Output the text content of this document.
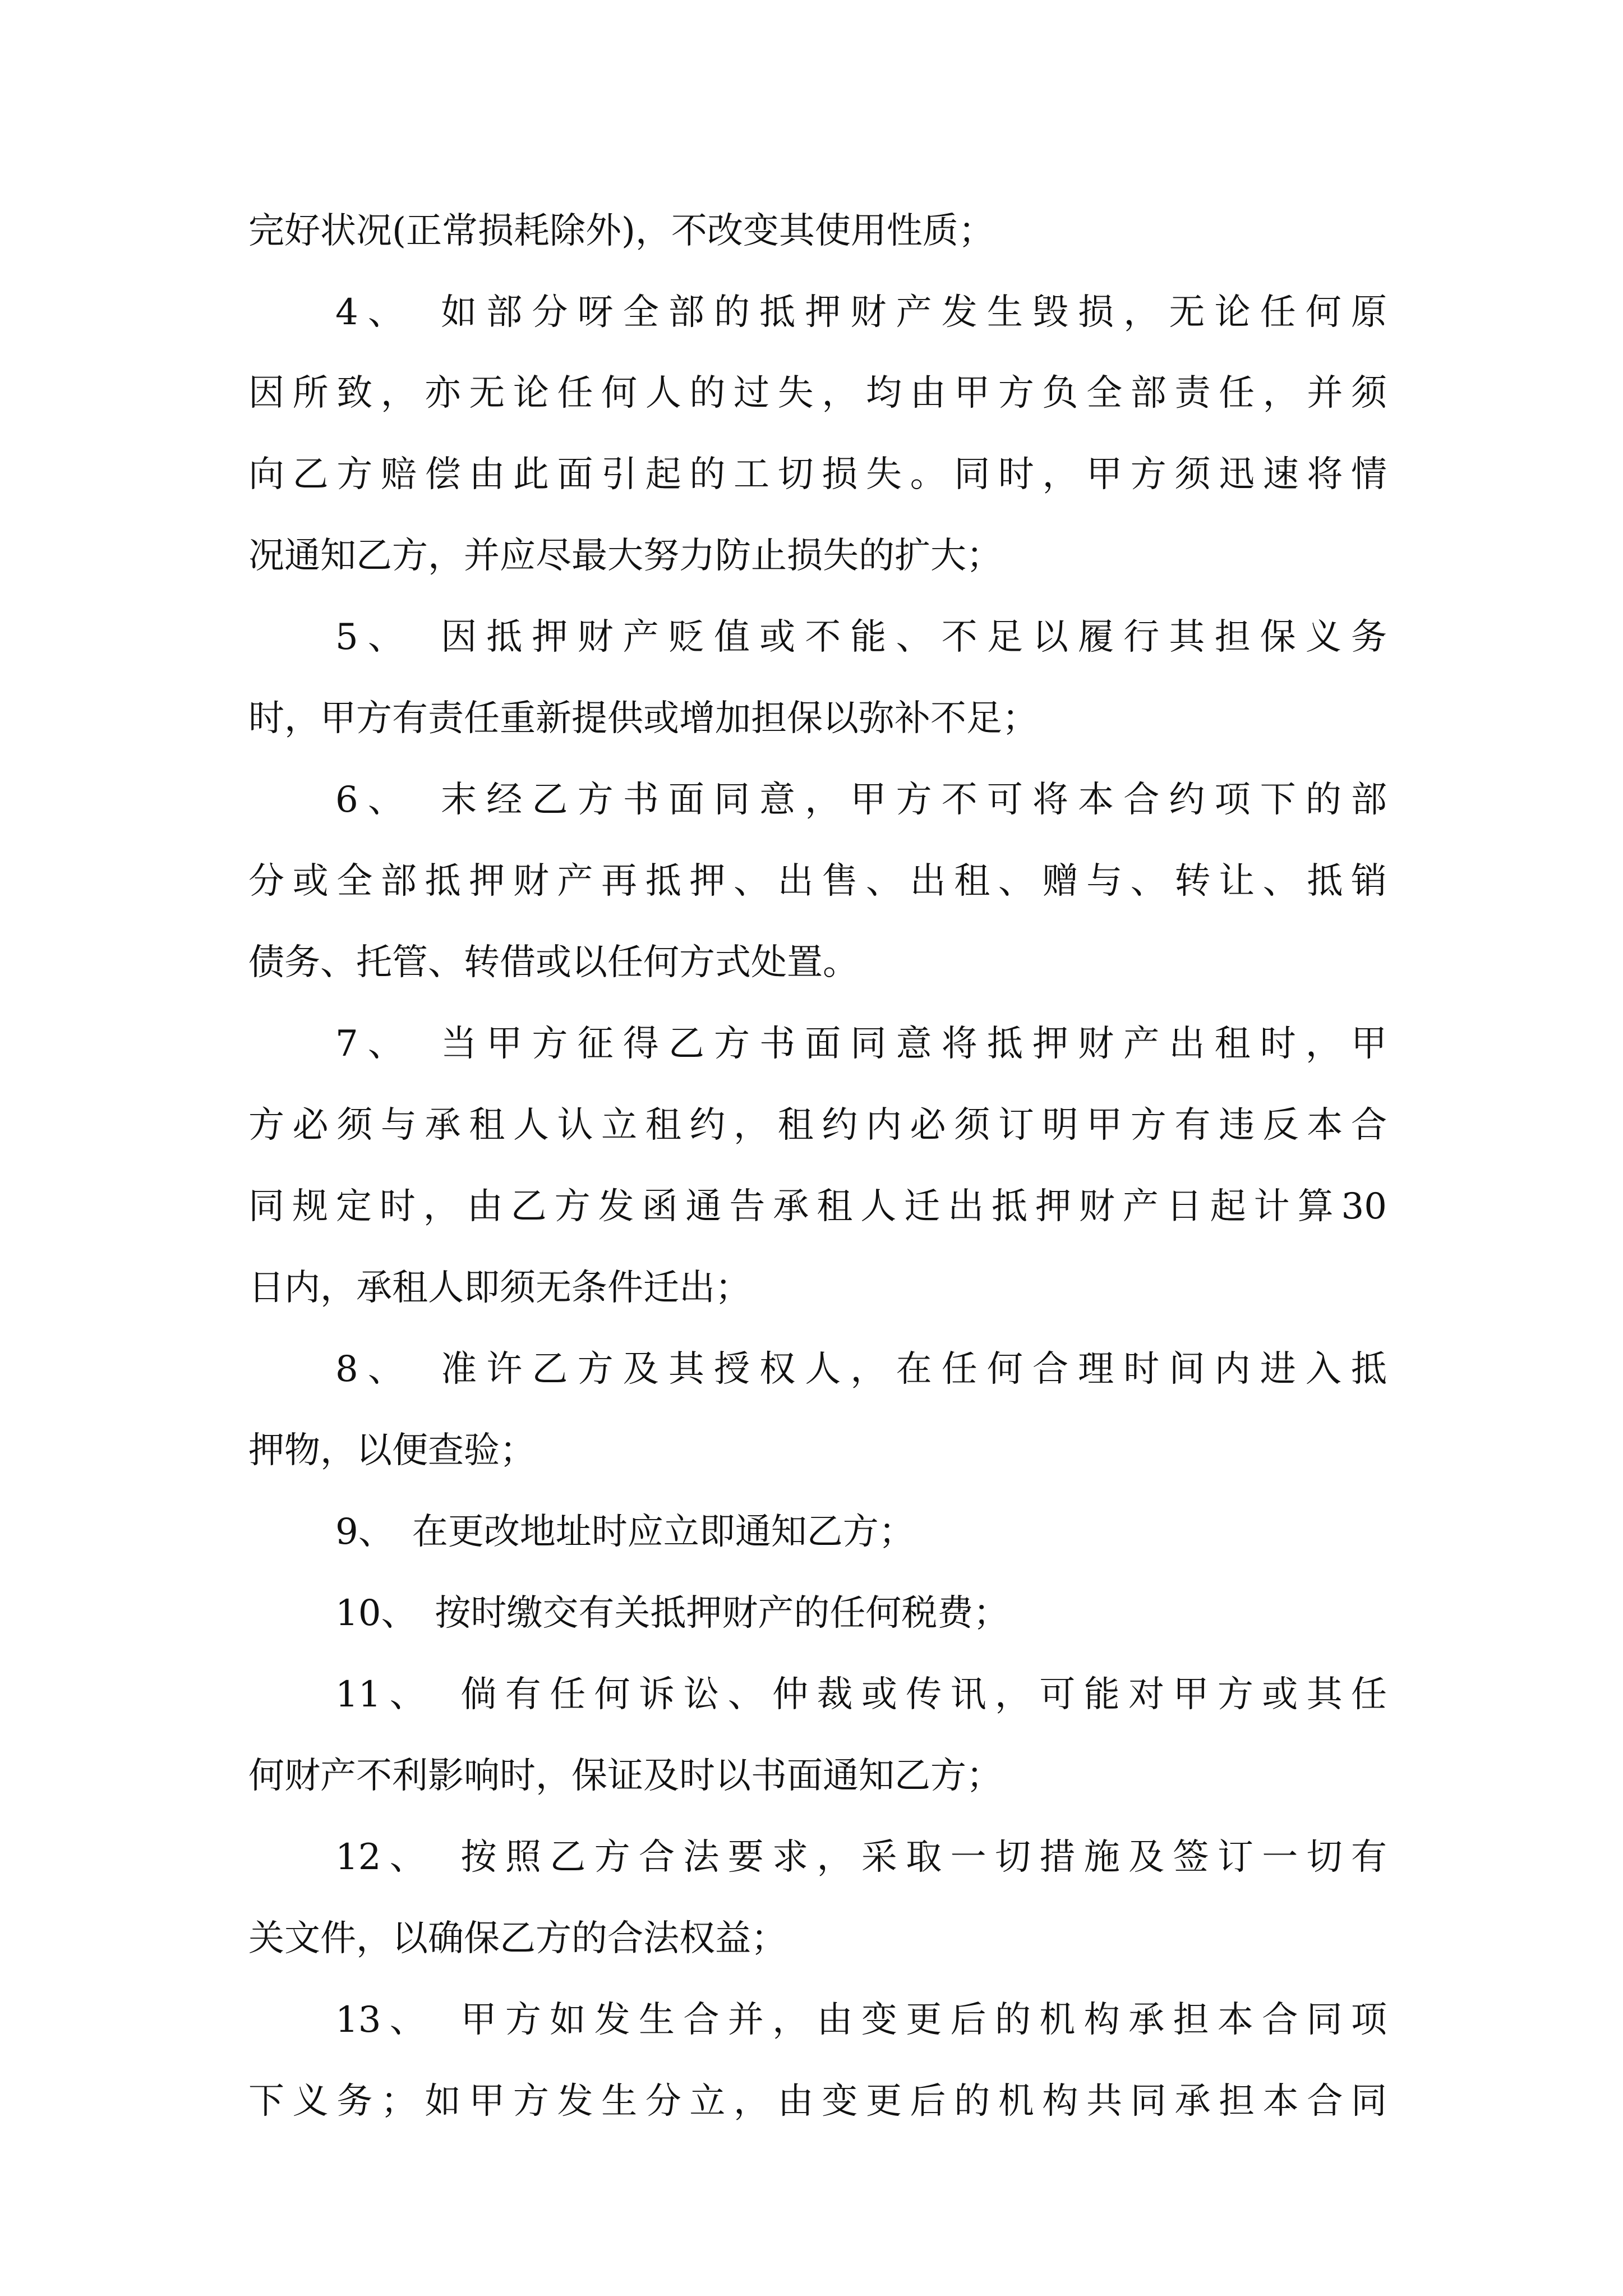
完好状况(正常损耗除外)，不改变其使用性质；
4、　如部分呀全部的抵押财产发生毁损，无论任何原
因所致，亦无论任何人的过失，均由甲方负全部责任，并须
向乙方赔偿由此面引起的工切损失。同时，甲方须迅速将情
况通知乙方，并应尽最大努力防止损失的扩大；
5、　因抵押财产贬值或不能、不足以履行其担保义务
时，甲方有责任重新提供或增加担保以弥补不足；
6、　末经乙方书面同意，甲方不可将本合约项下的部
分或全部抵押财产再抵押、出售、出租、赠与、转让、抵销
债务、托管、转借或以任何方式处置。
7、　当甲方征得乙方书面同意将抵押财产出租时，甲
方必须与承租人认立租约，租约内必须订明甲方有违反本合
同规定时，由乙方发函通告承租人迁出抵押财产日起计算30
日内，承租人即须无条件迁出；
8、　准许乙方及其授权人，在任何合理时间内进入抵
押物，以便查验；
9、　在更改地址时应立即通知乙方；
10、　按时缴交有关抵押财产的任何税费；
11、　倘有任何诉讼、仲裁或传讯，可能对甲方或其任
何财产不利影响时，保证及时以书面通知乙方；
12、　按照乙方合法要求，采取一切措施及签订一切有
关文件，以确保乙方的合法权益；
13、　甲方如发生合并，由变更后的机构承担本合同项
下义务；如甲方发生分立，由变更后的机构共同承担本合同
